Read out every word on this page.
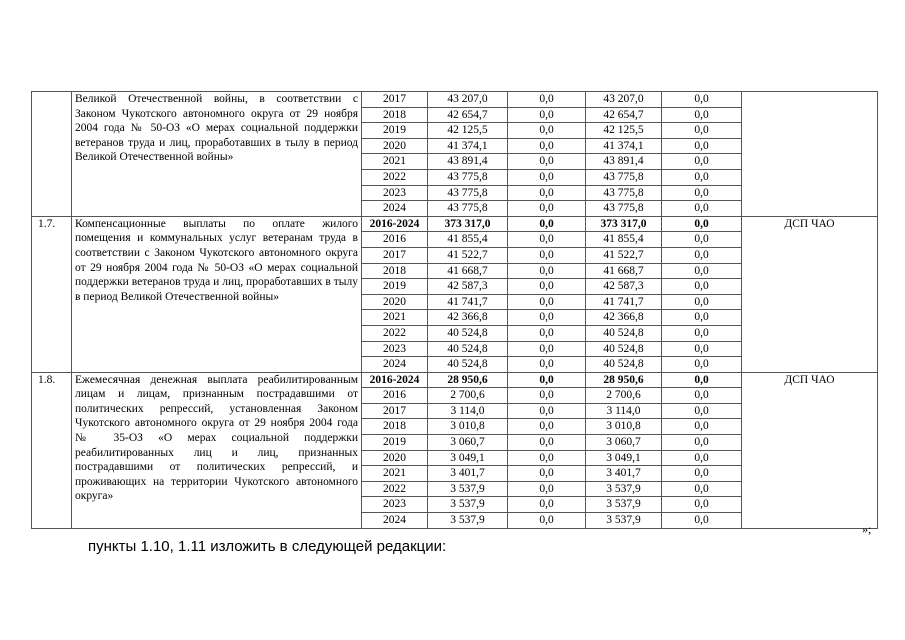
	Великой Отечественной войны, в соответствии с Законом Чукотского автономного округа от 29 ноября 2004 года № 50-ОЗ «О мерах социальной поддержки ветеранов труда и лиц, проработавших в тылу в период Великой Отечественной войны»	2017	43 207,0	0,0	43 207,0	0,0	
		2018	42 654,7	0,0	42 654,7	0,0	
		2019	42 125,5	0,0	42 125,5	0,0	
		2020	41 374,1	0,0	41 374,1	0,0	
		2021	43 891,4	0,0	43 891,4	0,0	
		2022	43 775,8	0,0	43 775,8	0,0	
		2023	43 775,8	0,0	43 775,8	0,0	
		2024	43 775,8	0,0	43 775,8	0,0	
1.7.	Компенсационные выплаты по оплате жилого помещения и коммунальных услуг ветеранам труда в соответствии с Законом Чукотского автономного округа от 29 ноября 2004 года № 50-ОЗ «О мерах социальной поддержки ветеранов труда и лиц, проработавших в тылу в период Великой Отечественной войны»	2016-2024	373 317,0	0,0	373 317,0	0,0	ДСП ЧАО
		2016	41 855,4	0,0	41 855,4	0,0	
		2017	41 522,7	0,0	41 522,7	0,0	
		2018	41 668,7	0,0	41 668,7	0,0	
		2019	42 587,3	0,0	42 587,3	0,0	
		2020	41 741,7	0,0	41 741,7	0,0	
		2021	42 366,8	0,0	42 366,8	0,0	
		2022	40 524,8	0,0	40 524,8	0,0	
		2023	40 524,8	0,0	40 524,8	0,0	
		2024	40 524,8	0,0	40 524,8	0,0	
1.8.	Ежемесячная денежная выплата реабилитированным лицам и лицам, признанным пострадавшими от политических репрессий, установленная Законом Чукотского автономного округа от 29 ноября 2004 года № 35-ОЗ «О мерах социальной поддержки реабилитированных лиц и лиц, признанных пострадавшими от политических репрессий, и проживающих на территории Чукотского автономного округа»	2016-2024	28 950,6	0,0	28 950,6	0,0	ДСП ЧАО
		2016	2 700,6	0,0	2 700,6	0,0	
		2017	3 114,0	0,0	3 114,0	0,0	
		2018	3 010,8	0,0	3 010,8	0,0	
		2019	3 060,7	0,0	3 060,7	0,0	
		2020	3 049,1	0,0	3 049,1	0,0	
		2021	3 401,7	0,0	3 401,7	0,0	
		2022	3 537,9	0,0	3 537,9	0,0	
		2023	3 537,9	0,0	3 537,9	0,0	
		2024	3 537,9	0,0	3 537,9	0,0	
»;
пункты 1.10, 1.11 изложить в следующей редакции:
